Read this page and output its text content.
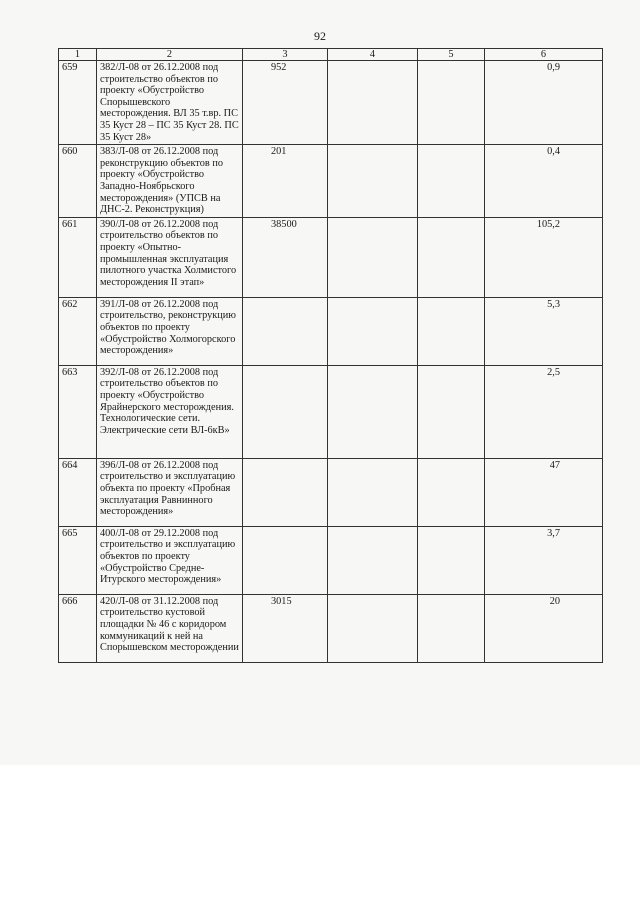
92
1	2	3	4	5	6
659	382/Л-08 от 26.12.2008 под строительство объектов по проекту «Обустройство Спорышевского месторождения. ВЛ 35 т.вр. ПС 35 Куст 28 – ПС 35 Куст 28. ПС 35 Куст 28»	952			0,9
660	383/Л-08 от 26.12.2008 под реконструкцию объектов по проекту «Обустройство Западно-Ноябрьского месторождения» (УПСВ на ДНС-2. Реконструкция)	201			0,4
661	390/Л-08 от 26.12.2008 под строительство объектов по проекту «Опытно-промышленная эксплуатация пилотного участка Холмистого месторождения II этап»	38500			105,2
662	391/Л-08 от 26.12.2008 под строительство, реконструкцию объектов по проекту «Обустройство Холмогорского месторождения»				5,3
663	392/Л-08 от 26.12.2008 под строительство объектов по проекту «Обустройство Ярайнерского месторождения. Технологические сети. Электрические сети ВЛ-6кВ»				2,5
664	396/Л-08 от 26.12.2008 под строительство и эксплуатацию объекта по проекту «Пробная эксплуатация Равнинного месторождения»				47
665	400/Л-08 от 29.12.2008 под строительство и эксплуатацию объектов по проекту «Обустройство Средне-Итурского месторождения»				3,7
666	420/Л-08 от 31.12.2008 под строительство кустовой площадки № 46 с коридором коммуникаций к ней на Спорышевском месторождении	3015			20
